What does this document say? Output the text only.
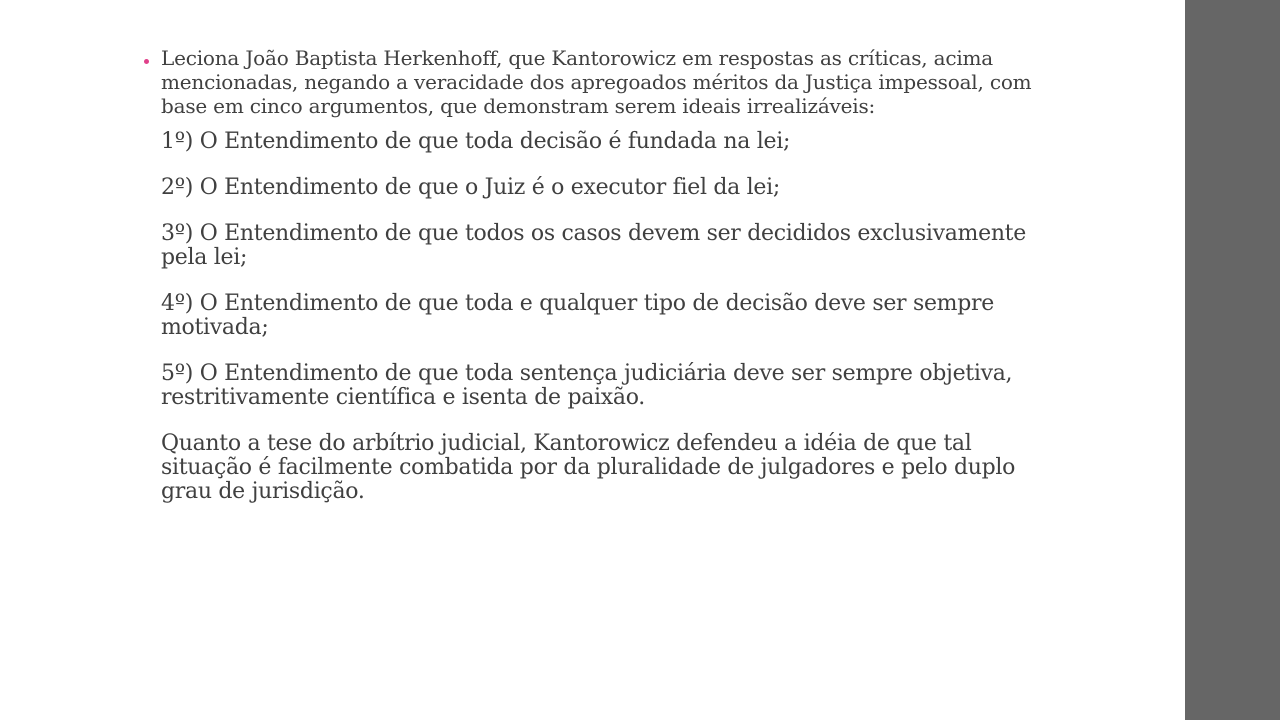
Leciona João Baptista Herkenhoff, que Kantorowicz em respostas as críticas, acima mencionadas, negando a veracidade dos apregoados méritos da Justiça impessoal, com base em cinco argumentos, que demonstram serem ideais irrealizáveis:

1º) O Entendimento de que toda decisão é fundada na lei;

2º) O Entendimento de que o Juiz é o executor fiel da lei;

3º) O Entendimento de que todos os casos devem ser decididos exclusivamente pela lei;

4º) O Entendimento de que toda e qualquer tipo de decisão deve ser sempre motivada;

5º) O Entendimento de que toda sentença judiciária deve ser sempre objetiva, restritivamente científica e isenta de paixão.

Quanto a tese do arbítrio judicial, Kantorowicz defendeu a idéia de que tal situação é facilmente combatida por da pluralidade de julgadores e pelo duplo grau de jurisdição.
